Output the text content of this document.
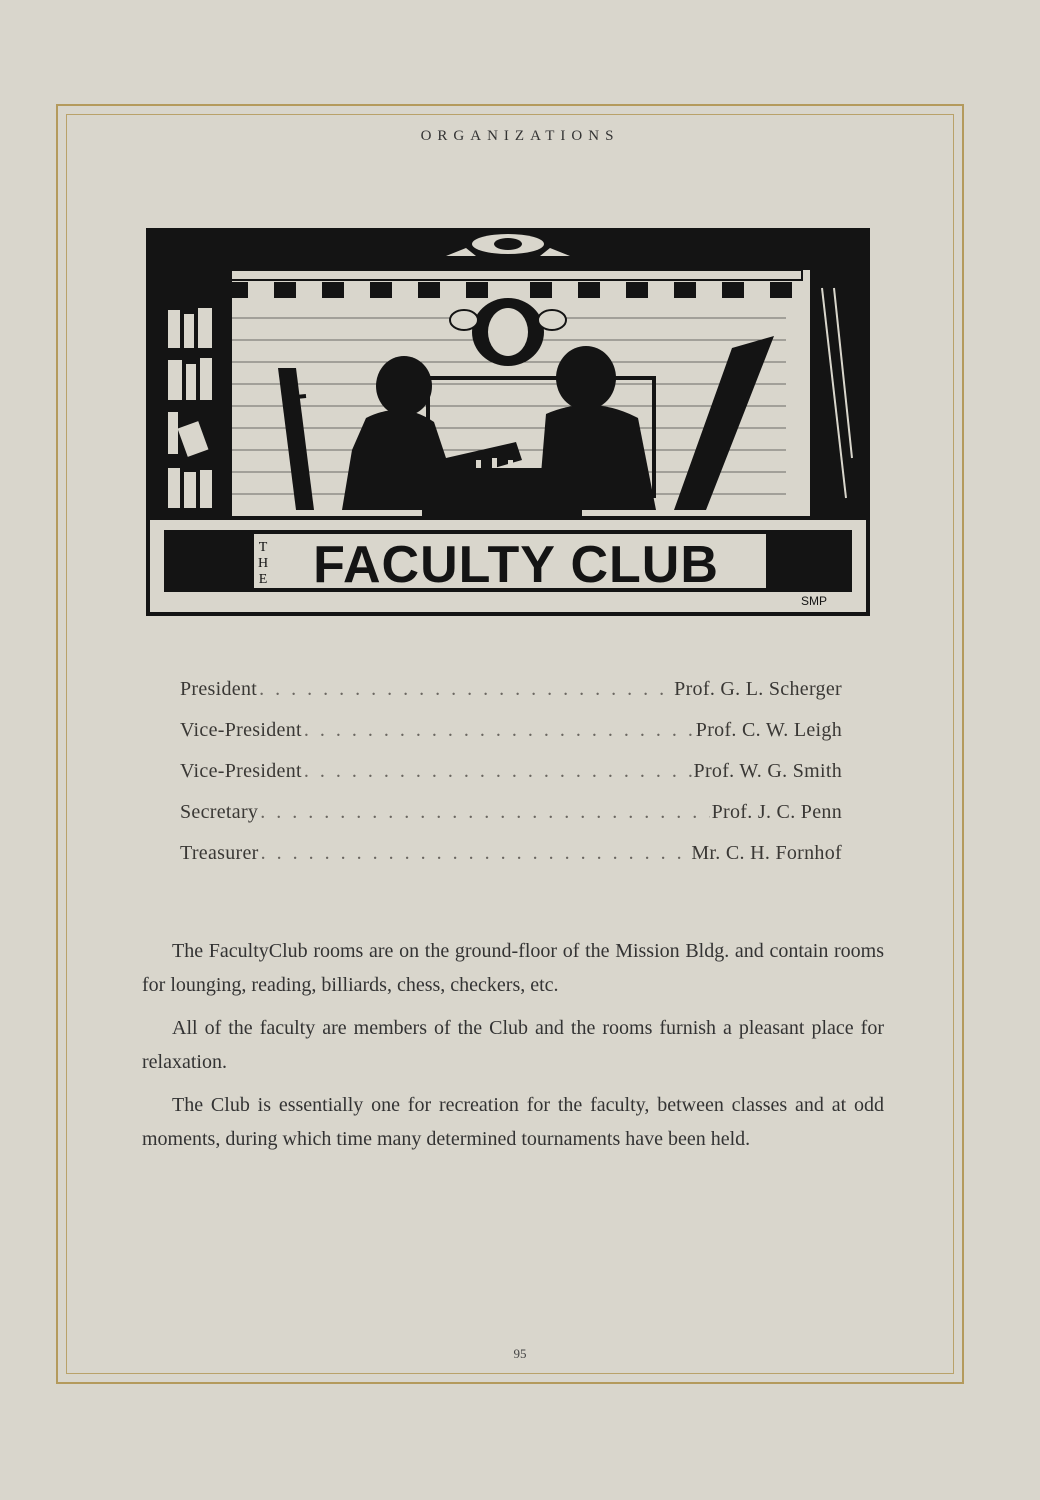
ORGANIZATIONS
T
H
E FACULTY CLUB
SMP
President . . .	Prof. G. L. Scherger
Vice-President . . .	Prof. C. W. Leigh
Vice-President . . .	Prof. W. G. Smith
Secretary . . .	Prof. J. C. Penn
Treasurer . . .	Mr. C. H. Fornhof

The FacultyClub rooms are on the ground-floor of the Mission Bldg. and contain rooms for lounging, reading, billiards, chess, checkers, etc.

All of the faculty are members of the Club and the rooms furnish a pleasant place for relaxation.

The Club is essentially one for recreation for the faculty, between classes and at odd moments, during which time many determined tournaments have been held.

95
